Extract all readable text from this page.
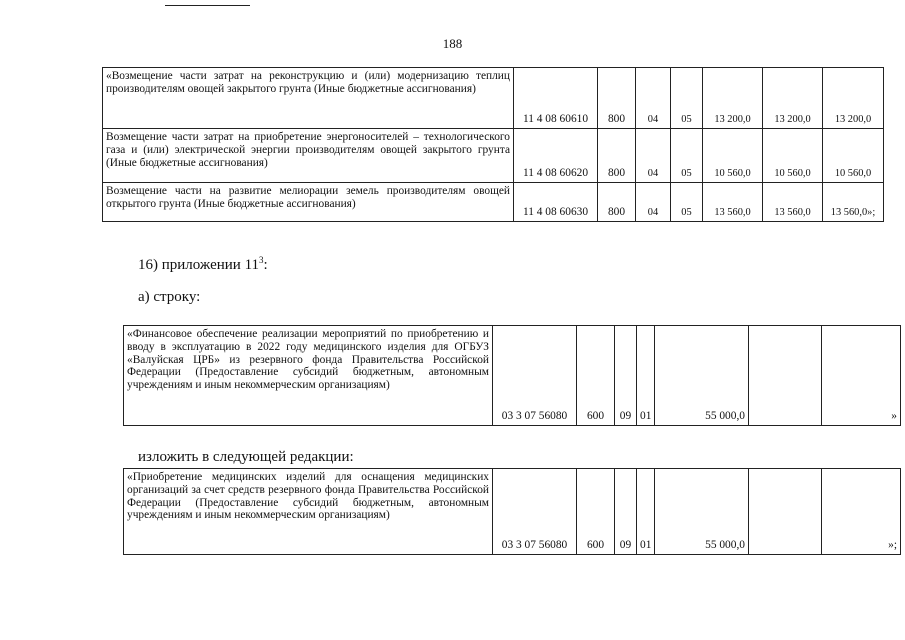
188
«Возмещение части затрат на реконструкцию и (или) модернизацию теплиц производителям овощей закрытого грунта (Иные бюджетные ассигнования)	11 4 08 60610	800	04	05	13 200,0	13 200,0	13 200,0
Возмещение части затрат на приобретение энергоносителей – технологического газа и (или) электрической энергии производителям овощей закрытого грунта (Иные бюджетные ассигнования)	11 4 08 60620	800	04	05	10 560,0	10 560,0	10 560,0
Возмещение части на развитие мелиорации земель производителям овощей открытого грунта (Иные бюджетные ассигнования)	11 4 08 60630	800	04	05	13 560,0	13 560,0	13 560,0»;
16) приложении $11^3$:
а) строку:
«Финансовое обеспечение реализации мероприятий по приобретению и вводу в эксплуатацию в 2022 году медицинского изделия для ОГБУЗ «Валуйская ЦРБ» из резервного фонда Правительства Российской Федерации (Предоставление субсидий бюджетным, автономным учреждениям и иным некоммерческим организациям)	03 3 07 56080	600	09	01	55 000,0		»
изложить в следующей редакции:
«Приобретение медицинских изделий для оснащения медицинских организаций за счет средств резервного фонда Правительства Российской Федерации (Предоставление субсидий бюджетным, автономным учреждениям и иным некоммерческим организациям)	03 3 07 56080	600	09	01	55 000,0		»;
